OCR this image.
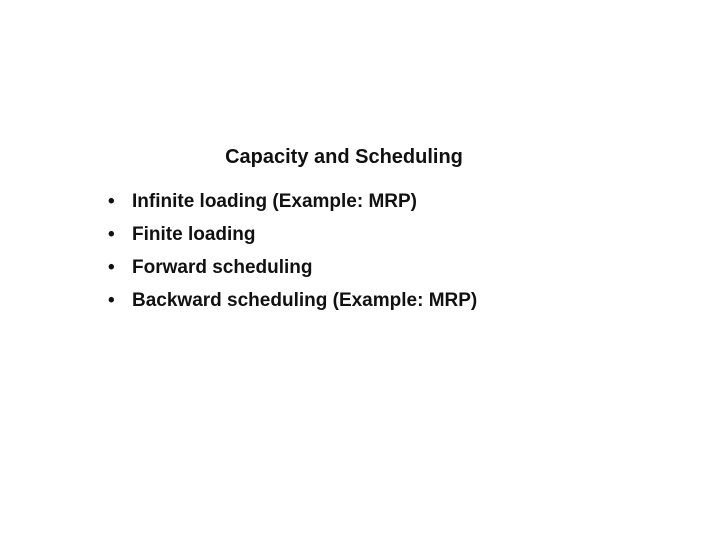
Capacity and Scheduling
• Infinite loading (Example: MRP)
• Finite loading
• Forward scheduling
• Backward scheduling (Example: MRP)
